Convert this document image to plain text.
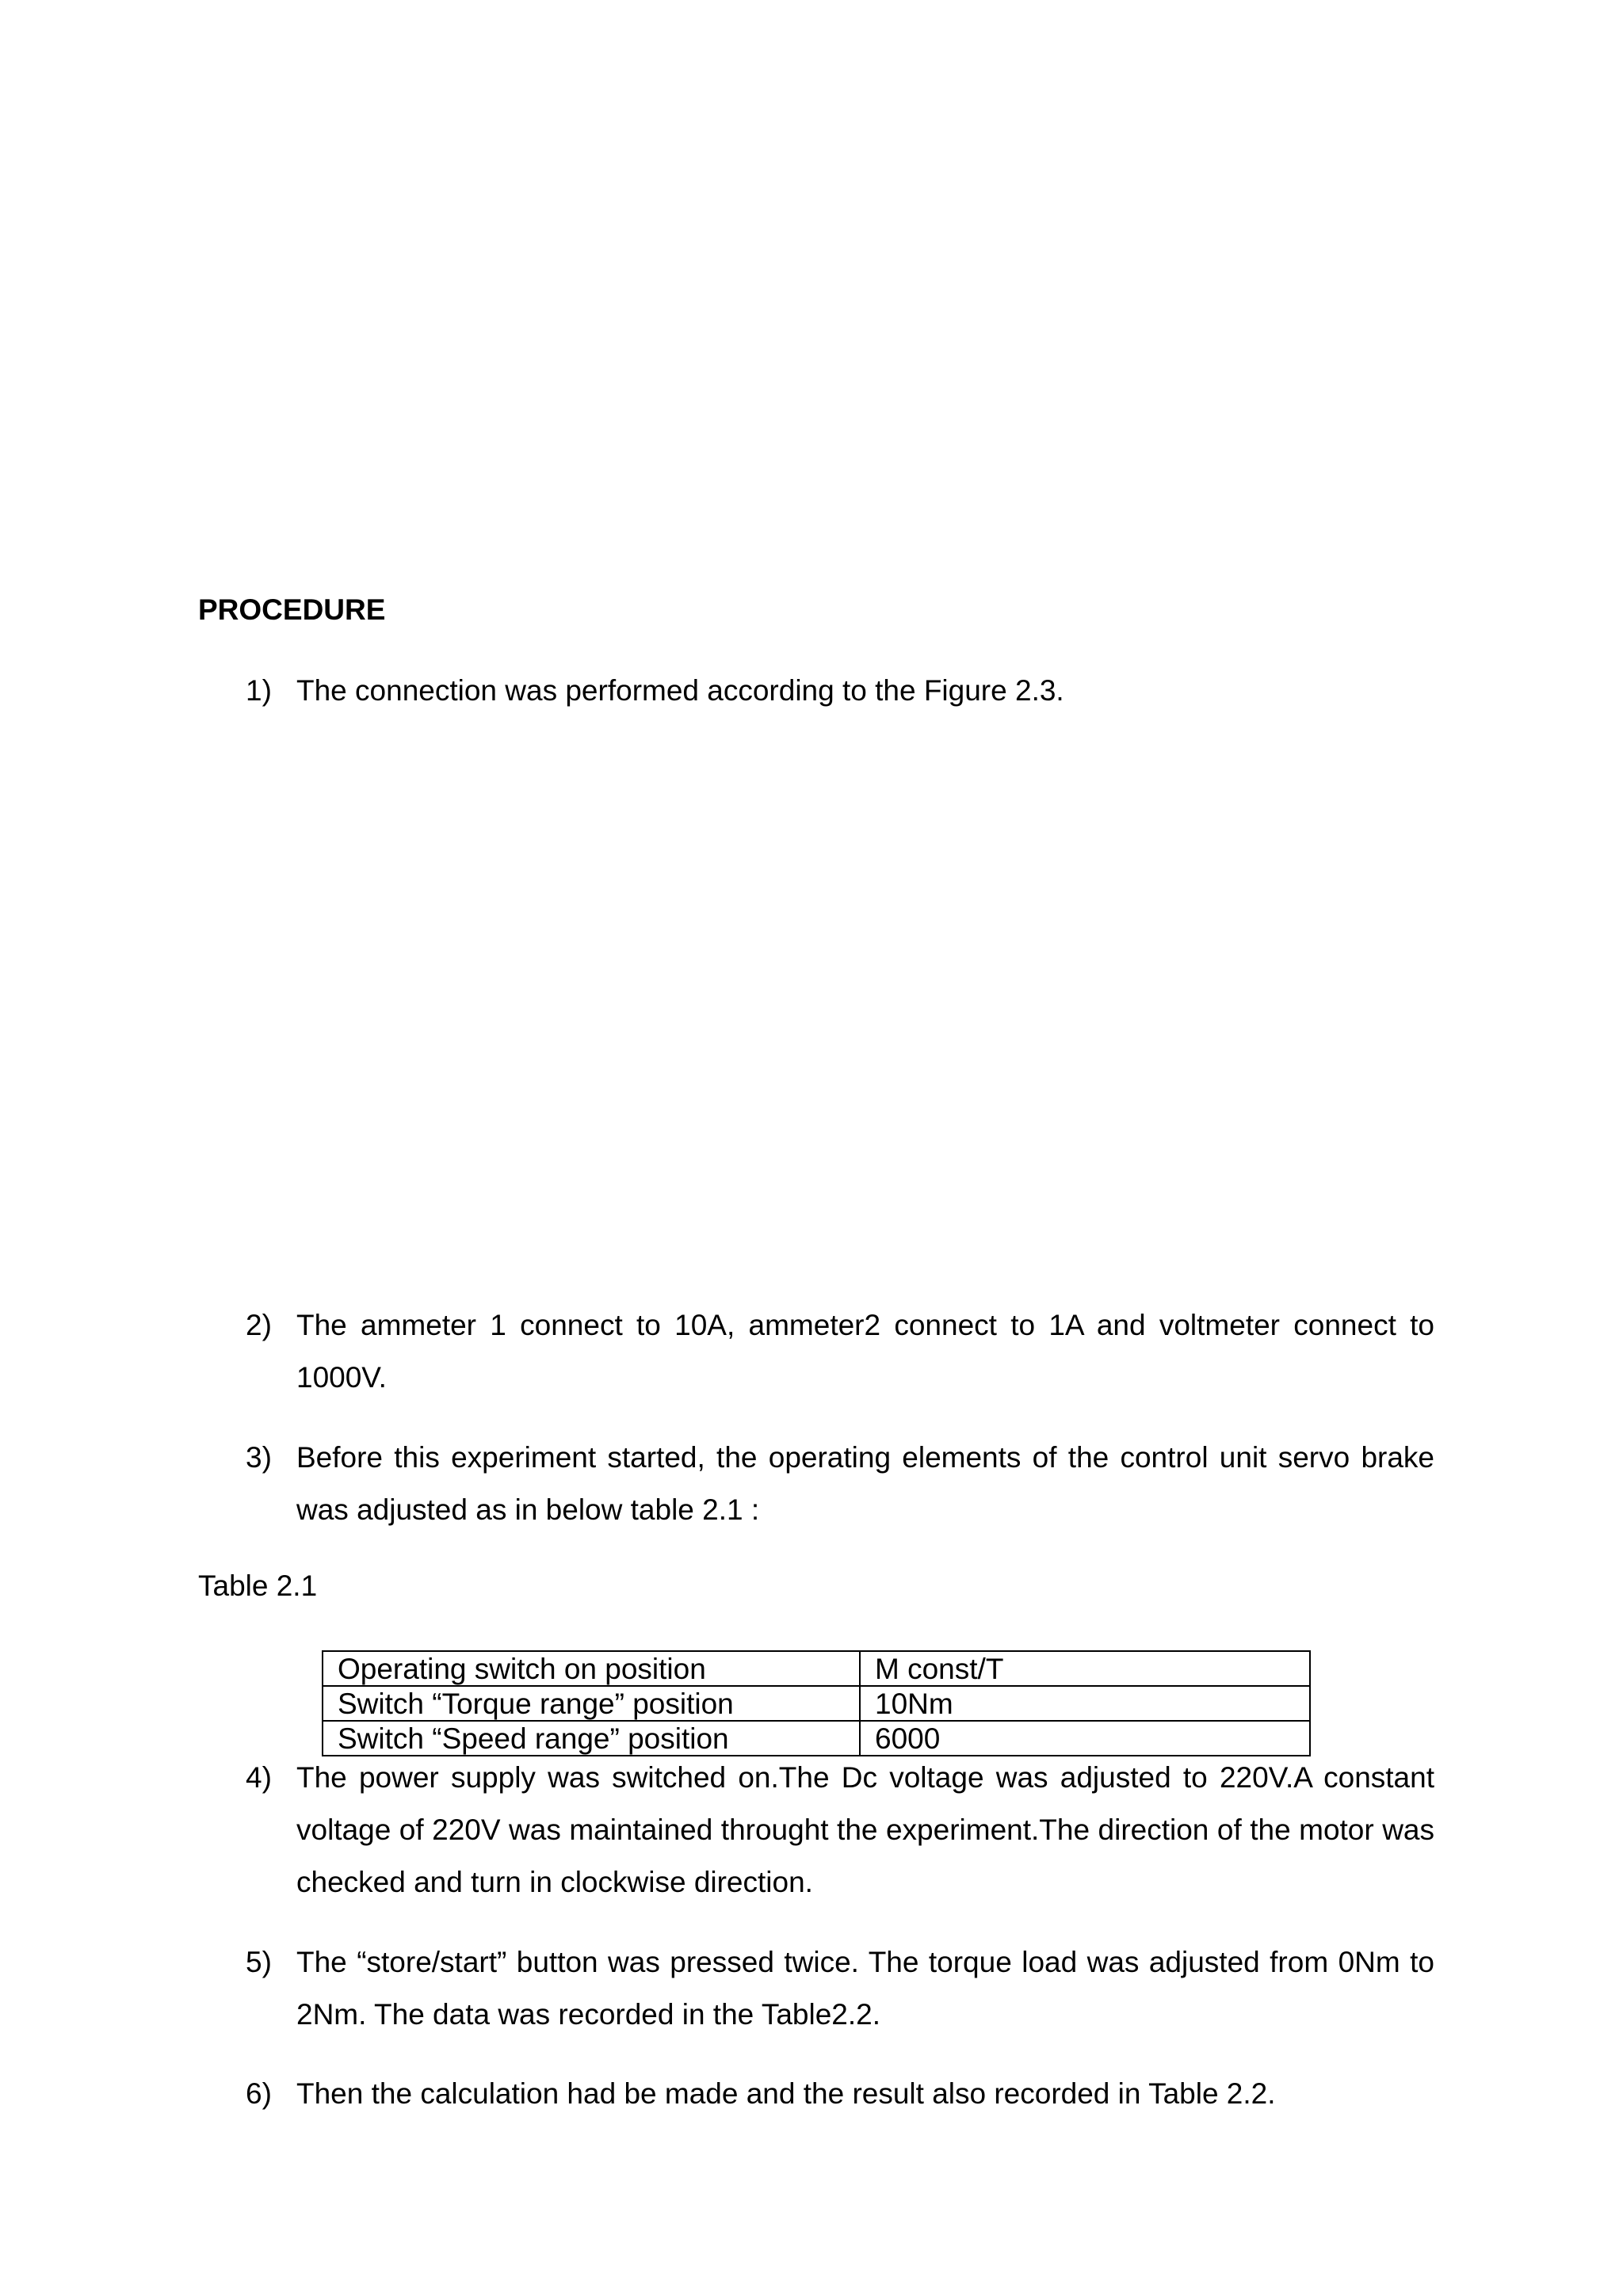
PROCEDURE
1) The connection was performed according to the Figure 2.3.
2) The ammeter 1 connect to 10A, ammeter2 connect to 1A and voltmeter connect to 1000V.
3) Before this experiment started, the operating elements of the control unit servo brake was adjusted as in below table 2.1 :
Table 2.1
Operating switch on position	M const/T
Switch “Torque range” position	10Nm
Switch “Speed range” position	6000
4) The power supply was switched on.The Dc voltage was adjusted to 220V.A constant voltage of 220V was maintained throught the experiment.The direction of the motor was checked and turn in clockwise direction.
5) The “store/start” button was pressed twice. The torque load was adjusted from 0Nm to 2Nm. The data was recorded in the Table2.2.
6) Then the calculation had be made and the result also recorded in Table 2.2.
